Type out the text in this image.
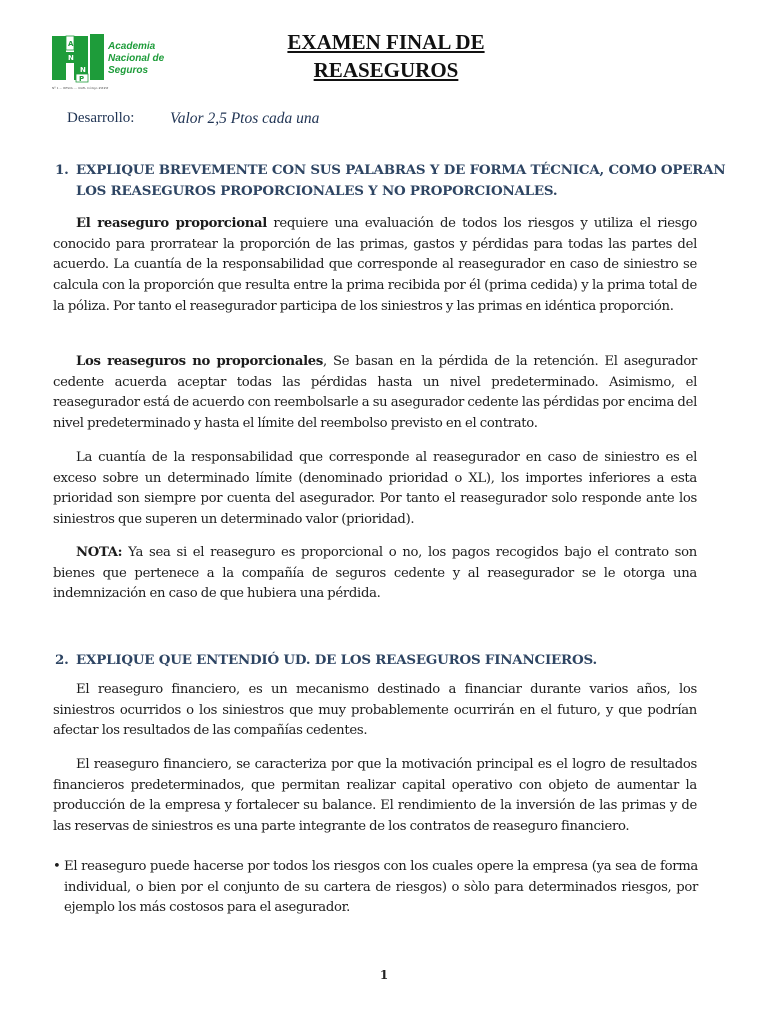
A
N
S N
P
Academia
Nacional de
Seguros
Nº 1 ... RESOL ... UGEL Código ####
EXAMEN FINAL DE
REASEGUROS
Desarrollo: Valor 2,5 Ptos cada una
1. EXPLIQUE BREVEMENTE CON SUS PALABRAS Y DE FORMA TÉCNICA, COMO OPERAN LOS REASEGUROS PROPORCIONALES Y NO PROPORCIONALES.
El reaseguro proporcional requiere una evaluación de todos los riesgos y utiliza el riesgo conocido para prorratear la proporción de las primas, gastos y pérdidas para todas las partes del acuerdo. La cuantía de la responsabilidad que corresponde al reasegurador en caso de siniestro se calcula con la proporción que resulta entre la prima recibida por él (prima cedida) y la prima total de la póliza. Por tanto el reasegurador participa de los siniestros y las primas en idéntica proporción.
Los reaseguros no proporcionales, Se basan en la pérdida de la retención. El asegurador cedente acuerda aceptar todas las pérdidas hasta un nivel predeterminado. Asimismo, el reasegurador está de acuerdo con reembolsarle a su asegurador cedente las pérdidas por encima del nivel predeterminado y hasta el límite del reembolso previsto en el contrato.
La cuantía de la responsabilidad que corresponde al reasegurador en caso de siniestro es el exceso sobre un determinado límite (denominado prioridad o XL), los importes inferiores a esta prioridad son siempre por cuenta del asegurador. Por tanto el reasegurador solo responde ante los siniestros que superen un determinado valor (prioridad).
NOTA: Ya sea si el reaseguro es proporcional o no, los pagos recogidos bajo el contrato son bienes que pertenece a la compañía de seguros cedente y al reasegurador se le otorga una indemnización en caso de que hubiera una pérdida.
2. EXPLIQUE QUE ENTENDIÓ UD. DE LOS REASEGUROS FINANCIEROS.
El reaseguro financiero, es un mecanismo destinado a financiar durante varios años, los siniestros ocurridos o los siniestros que muy probablemente ocurrirán en el futuro, y que podrían afectar los resultados de las compañías cedentes.
El reaseguro financiero, se caracteriza por que la motivación principal es el logro de resultados financieros predeterminados, que permitan realizar capital operativo con objeto de aumentar la producción de la empresa y fortalecer su balance. El rendimiento de la inversión de las primas y de las reservas de siniestros es una parte integrante de los contratos de reaseguro financiero.
• El reaseguro puede hacerse por todos los riesgos con los cuales opere la empresa (ya sea de forma individual, o bien por el conjunto de su cartera de riesgos) o sòlo para determinados riesgos, por ejemplo los más costosos para el asegurador.
1
